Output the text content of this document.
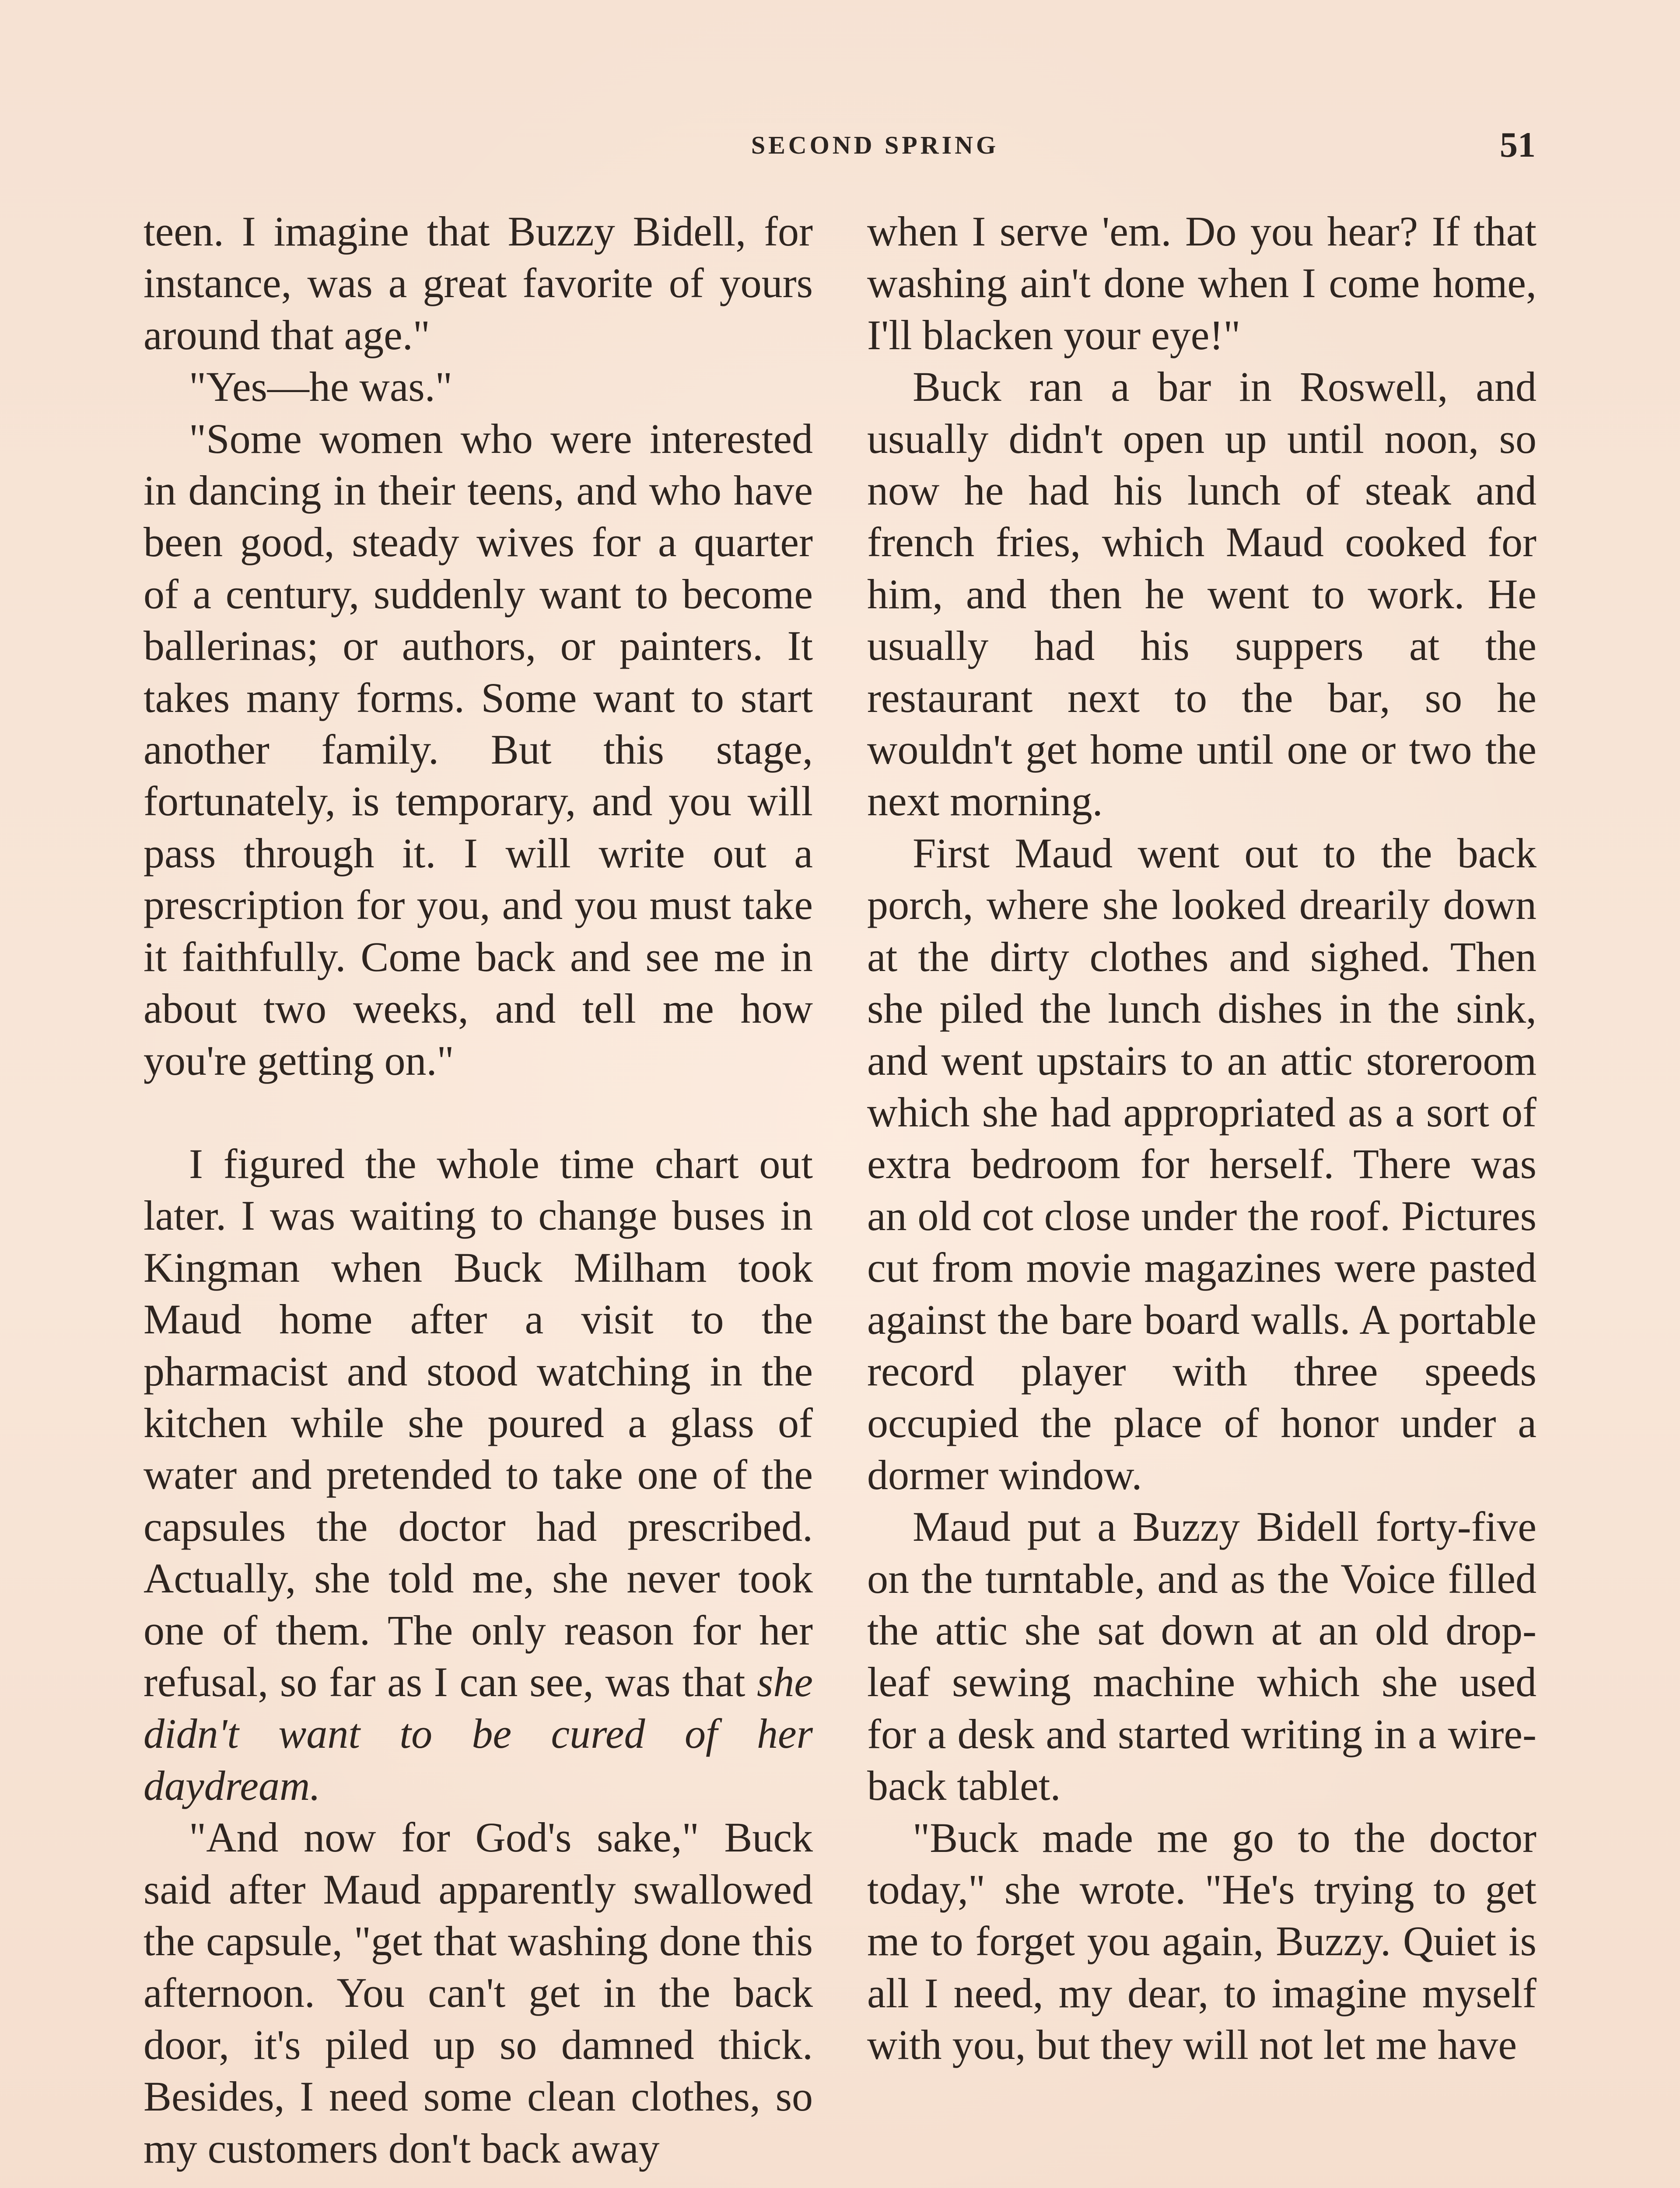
SECOND SPRING	51

teen. I imagine that Buzzy Bidell, for instance, was a great favorite of yours around that age."

"Yes—he was."

"Some women who were interested in dancing in their teens, and who have been good, steady wives for a quarter of a century, suddenly want to become ballerinas; or authors, or painters. It takes many forms. Some want to start another family. But this stage, fortunately, is temporary, and you will pass through it. I will write out a prescription for you, and you must take it faithfully. Come back and see me in about two weeks, and tell me how you're getting on."

I figured the whole time chart out later. I was waiting to change buses in Kingman when Buck Milham took Maud home after a visit to the pharmacist and stood watching in the kitchen while she poured a glass of water and pretended to take one of the capsules the doctor had prescribed. Actually, she told me, she never took one of them. The only reason for her refusal, so far as I can see, was that she didn't want to be cured of her daydream.

"And now for God's sake," Buck said after Maud apparently swallowed the capsule, "get that washing done this afternoon. You can't get in the back door, it's piled up so damned thick. Besides, I need some clean clothes, so my customers don't back away

when I serve 'em. Do you hear? If that washing ain't done when I come home, I'll blacken your eye!"

Buck ran a bar in Roswell, and usually didn't open up until noon, so now he had his lunch of steak and french fries, which Maud cooked for him, and then he went to work. He usually had his suppers at the restaurant next to the bar, so he wouldn't get home until one or two the next morning.

First Maud went out to the back porch, where she looked drearily down at the dirty clothes and sighed. Then she piled the lunch dishes in the sink, and went upstairs to an attic storeroom which she had appropriated as a sort of extra bedroom for herself. There was an old cot close under the roof. Pictures cut from movie magazines were pasted against the bare board walls. A portable record player with three speeds occupied the place of honor under a dormer window.

Maud put a Buzzy Bidell forty-five on the turntable, and as the Voice filled the attic she sat down at an old drop-leaf sewing machine which she used for a desk and started writing in a wire-back tablet.

"Buck made me go to the doctor today," she wrote. "He's trying to get me to forget you again, Buzzy. Quiet is all I need, my dear, to imagine myself with you, but they will not let me have
